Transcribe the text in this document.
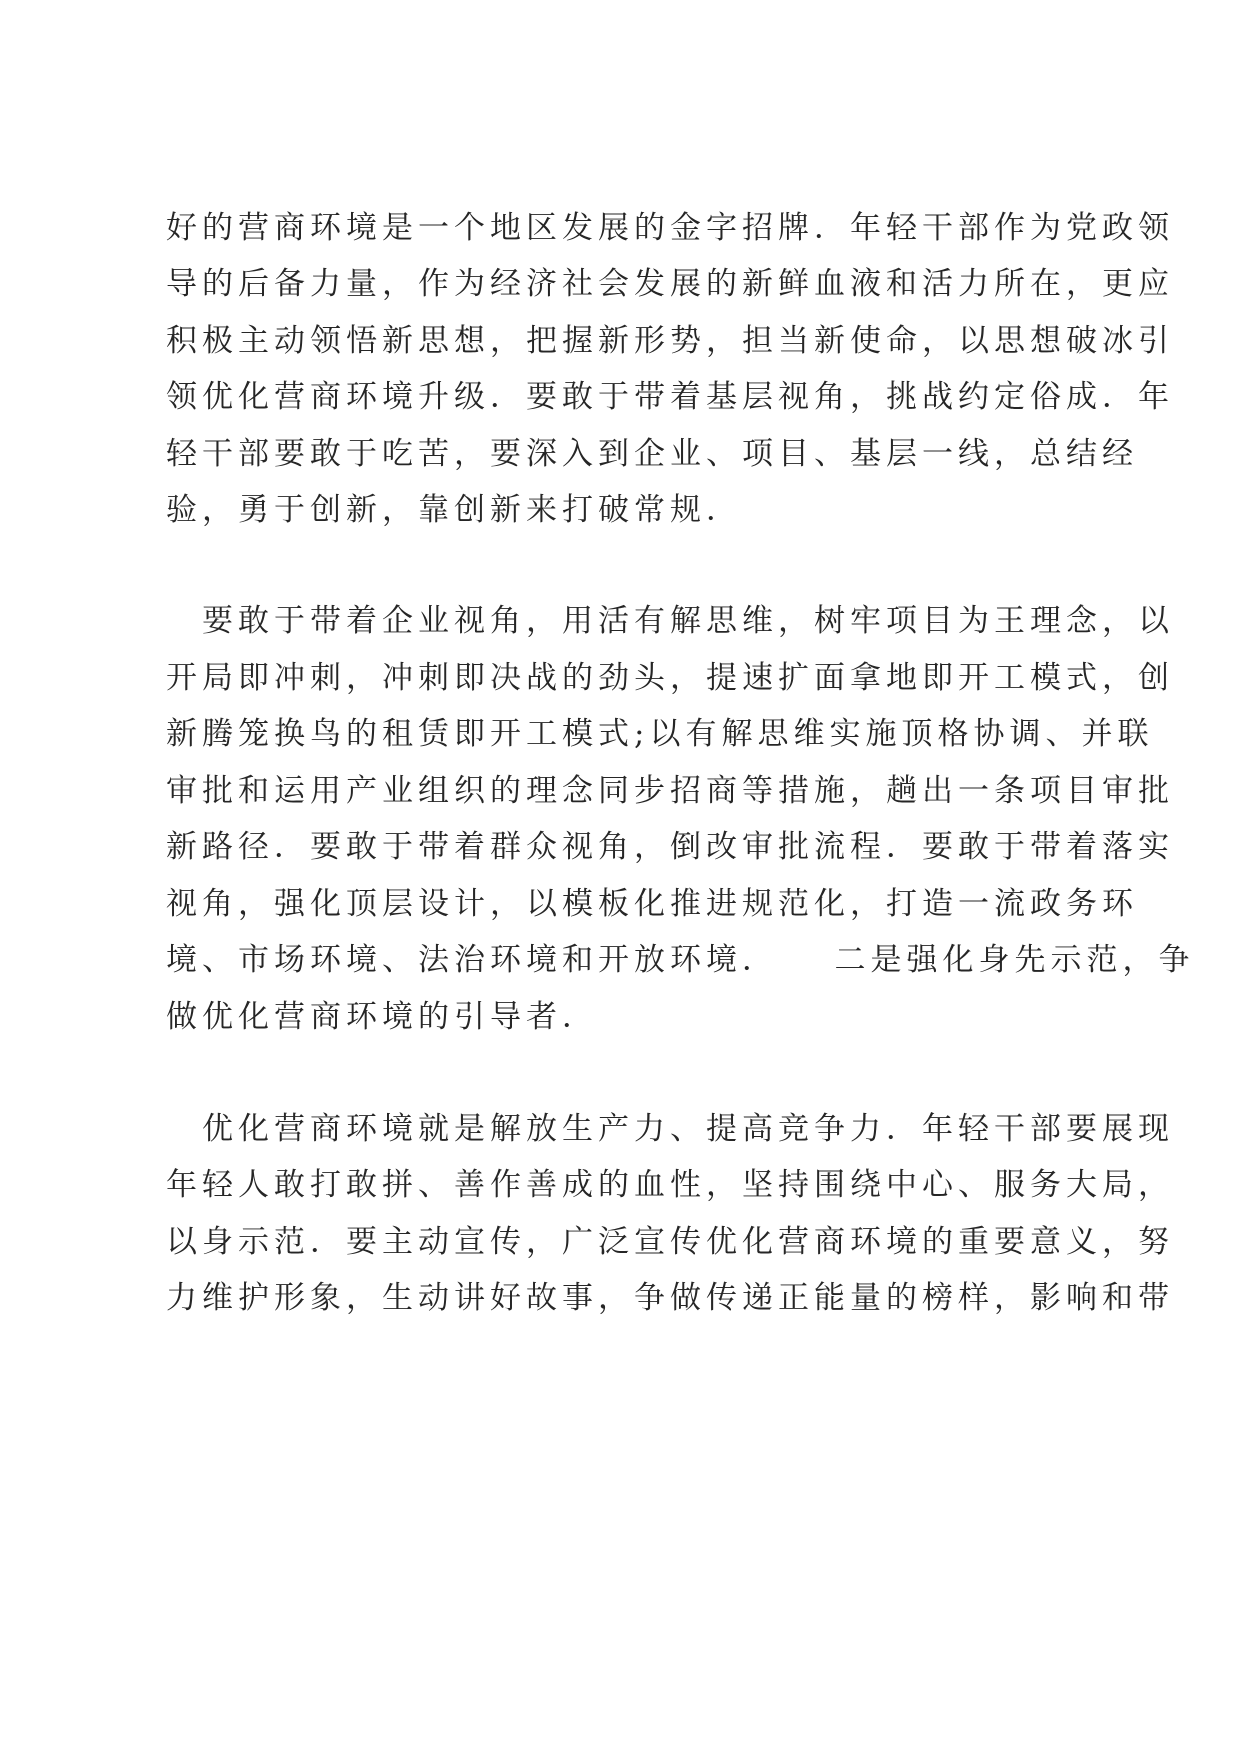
好的营商环境是一个地区发展的金字招牌．年轻干部作为党政领
导的后备力量，作为经济社会发展的新鲜血液和活力所在，更应
积极主动领悟新思想，把握新形势，担当新使命，以思想破冰引
领优化营商环境升级．要敢于带着基层视角，挑战约定俗成．年
轻干部要敢于吃苦，要深入到企业、项目、基层一线，总结经
验，勇于创新，靠创新来打破常规．
　要敢于带着企业视角，用活有解思维，树牢项目为王理念，以
开局即冲刺，冲刺即决战的劲头，提速扩面拿地即开工模式，创
新腾笼换鸟的租赁即开工模式;以有解思维实施顶格协调、并联
审批和运用产业组织的理念同步招商等措施，趟出一条项目审批
新路径．要敢于带着群众视角，倒改审批流程．要敢于带着落实
视角，强化顶层设计，以模板化推进规范化，打造一流政务环
境、市场环境、法治环境和开放环境．　　二是强化身先示范，争
做优化营商环境的引导者．
　优化营商环境就是解放生产力、提高竞争力．年轻干部要展现
年轻人敢打敢拼、善作善成的血性，坚持围绕中心、服务大局，
以身示范．要主动宣传，广泛宣传优化营商环境的重要意义，努
力维护形象，生动讲好故事，争做传递正能量的榜样，影响和带
